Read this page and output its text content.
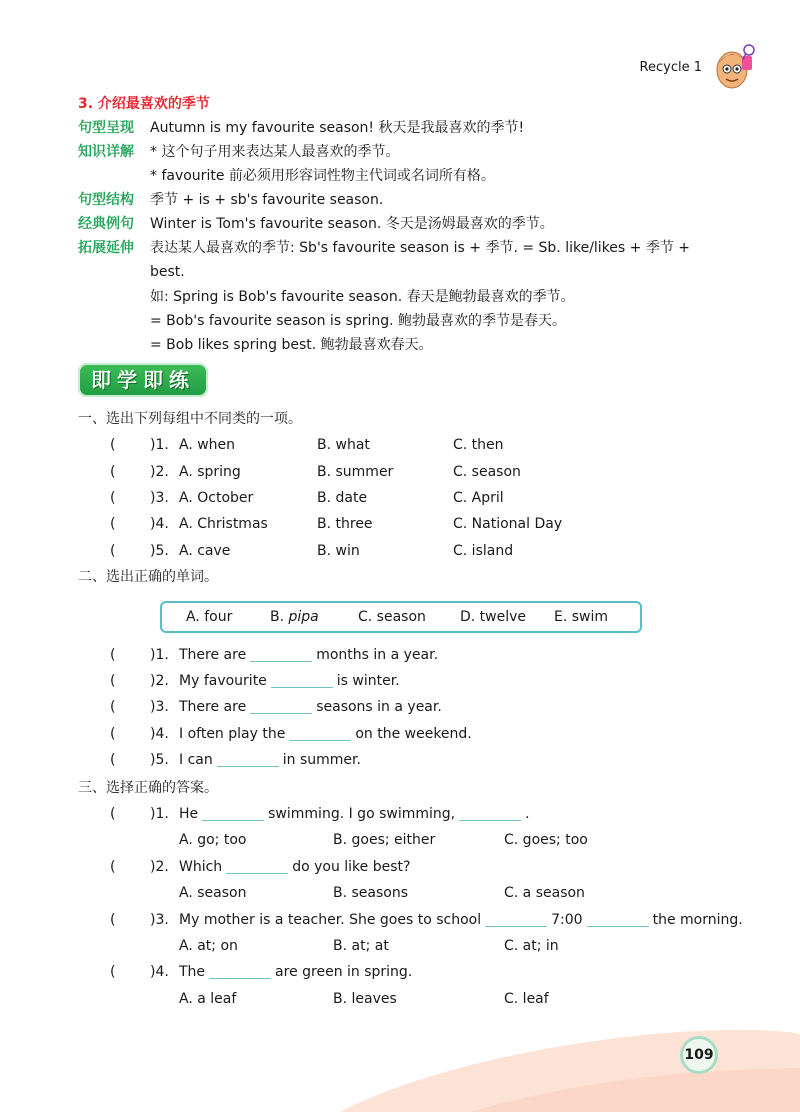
Recycle 1
3. 介绍最喜欢的季节
句型呈现 Autumn is my favourite season! 秋天是我最喜欢的季节!
知识详解 * 这个句子用来表达某人最喜欢的季节。
* favourite 前必须用形容词性物主代词或名词所有格。
句型结构 季节 + is + sb's favourite season.
经典例句 Winter is Tom's favourite season. 冬天是汤姆最喜欢的季节。
拓展延伸 表达某人最喜欢的季节: Sb's favourite season is + 季节. = Sb. like/likes + 季节 +
best.
如: Spring is Bob's favourite season. 春天是鲍勃最喜欢的季节。
= Bob's favourite season is spring. 鲍勃最喜欢的季节是春天。
= Bob likes spring best. 鲍勃最喜欢春天。
即学即练
一、选出下列每组中不同类的一项。
( )1. A. when	B. what	C. then
( )2. A. spring	B. summer	C. season
( )3. A. October	B. date	C. April
( )4. A. Christmas	B. three	C. National Day
( )5. A. cave	B. win	C. island
二、选出正确的单词。
A. four	B. pipa	C. season D. twelve E. swim
( )1. There are	months in a year.
( )2. My favourite	is winter.
( )3. There are	seasons in a year.
( )4. I often play the	on the weekend.
( )5. I can	in summer.
三、选择正确的答案。
( )1. He	swimming. I go swimming,	.
A. go; too	B. goes; either	C. goes; too
( )2. Which	do you like best?
A. season	B. seasons	C. a season
( )3. My mother is a teacher. She goes to school	7:00	the morning.
A. at; on	B. at; at	C. at; in
( )4. The	are green in spring.
A. a leaf	B. leaves	C. leaf
109
